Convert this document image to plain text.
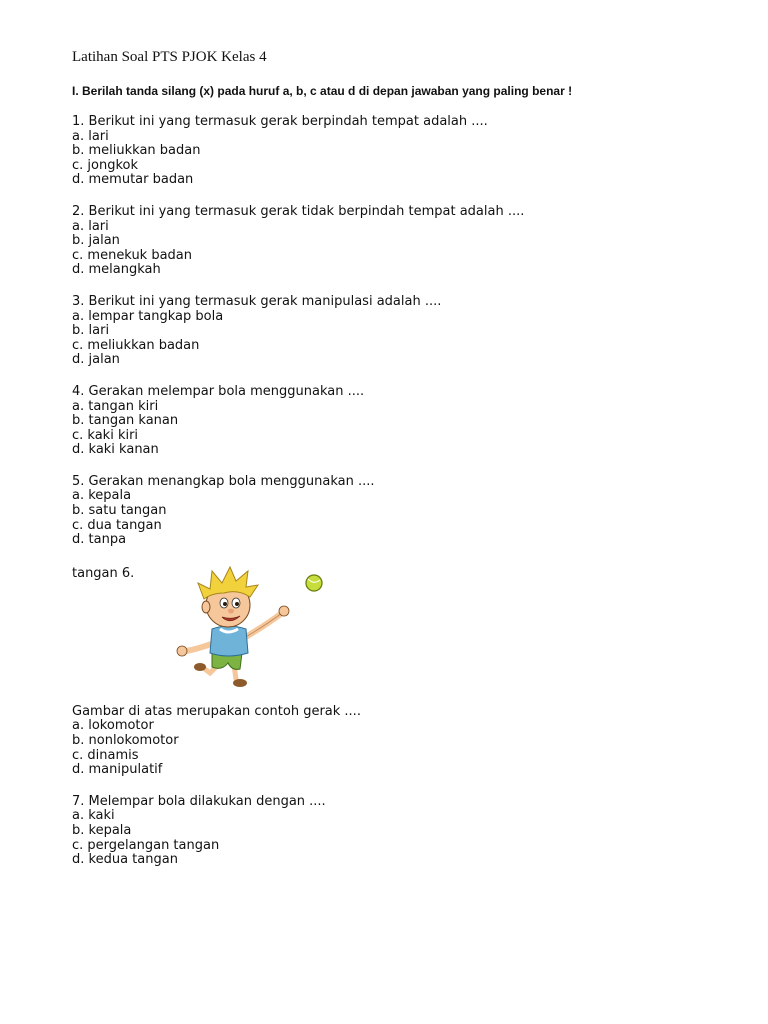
Latihan Soal PTS PJOK Kelas 4
I. Berilah tanda silang (x) pada huruf a, b, c atau d di depan jawaban yang paling benar !
1. Berikut ini yang termasuk gerak berpindah tempat adalah ....
a. lari
b. meliukkan badan
c. jongkok
d. memutar badan
2. Berikut ini yang termasuk gerak tidak berpindah tempat adalah ....
a. lari
b. jalan
c. menekuk badan
d. melangkah
3. Berikut ini yang termasuk gerak manipulasi adalah ....
a. lempar tangkap bola
b. lari
c. meliukkan badan
d. jalan
4. Gerakan melempar bola menggunakan ....
a. tangan kiri
b. tangan kanan
c. kaki kiri
d. kaki kanan
5. Gerakan menangkap bola menggunakan ....
a. kepala
b. satu tangan
c. dua tangan
d. tanpa
tangan 6.
Gambar di atas merupakan contoh gerak ....
a. lokomotor
b. nonlokomotor
c. dinamis
d. manipulatif
7. Melempar bola dilakukan dengan ....
a. kaki
b. kepala
c. pergelangan tangan
d. kedua tangan
